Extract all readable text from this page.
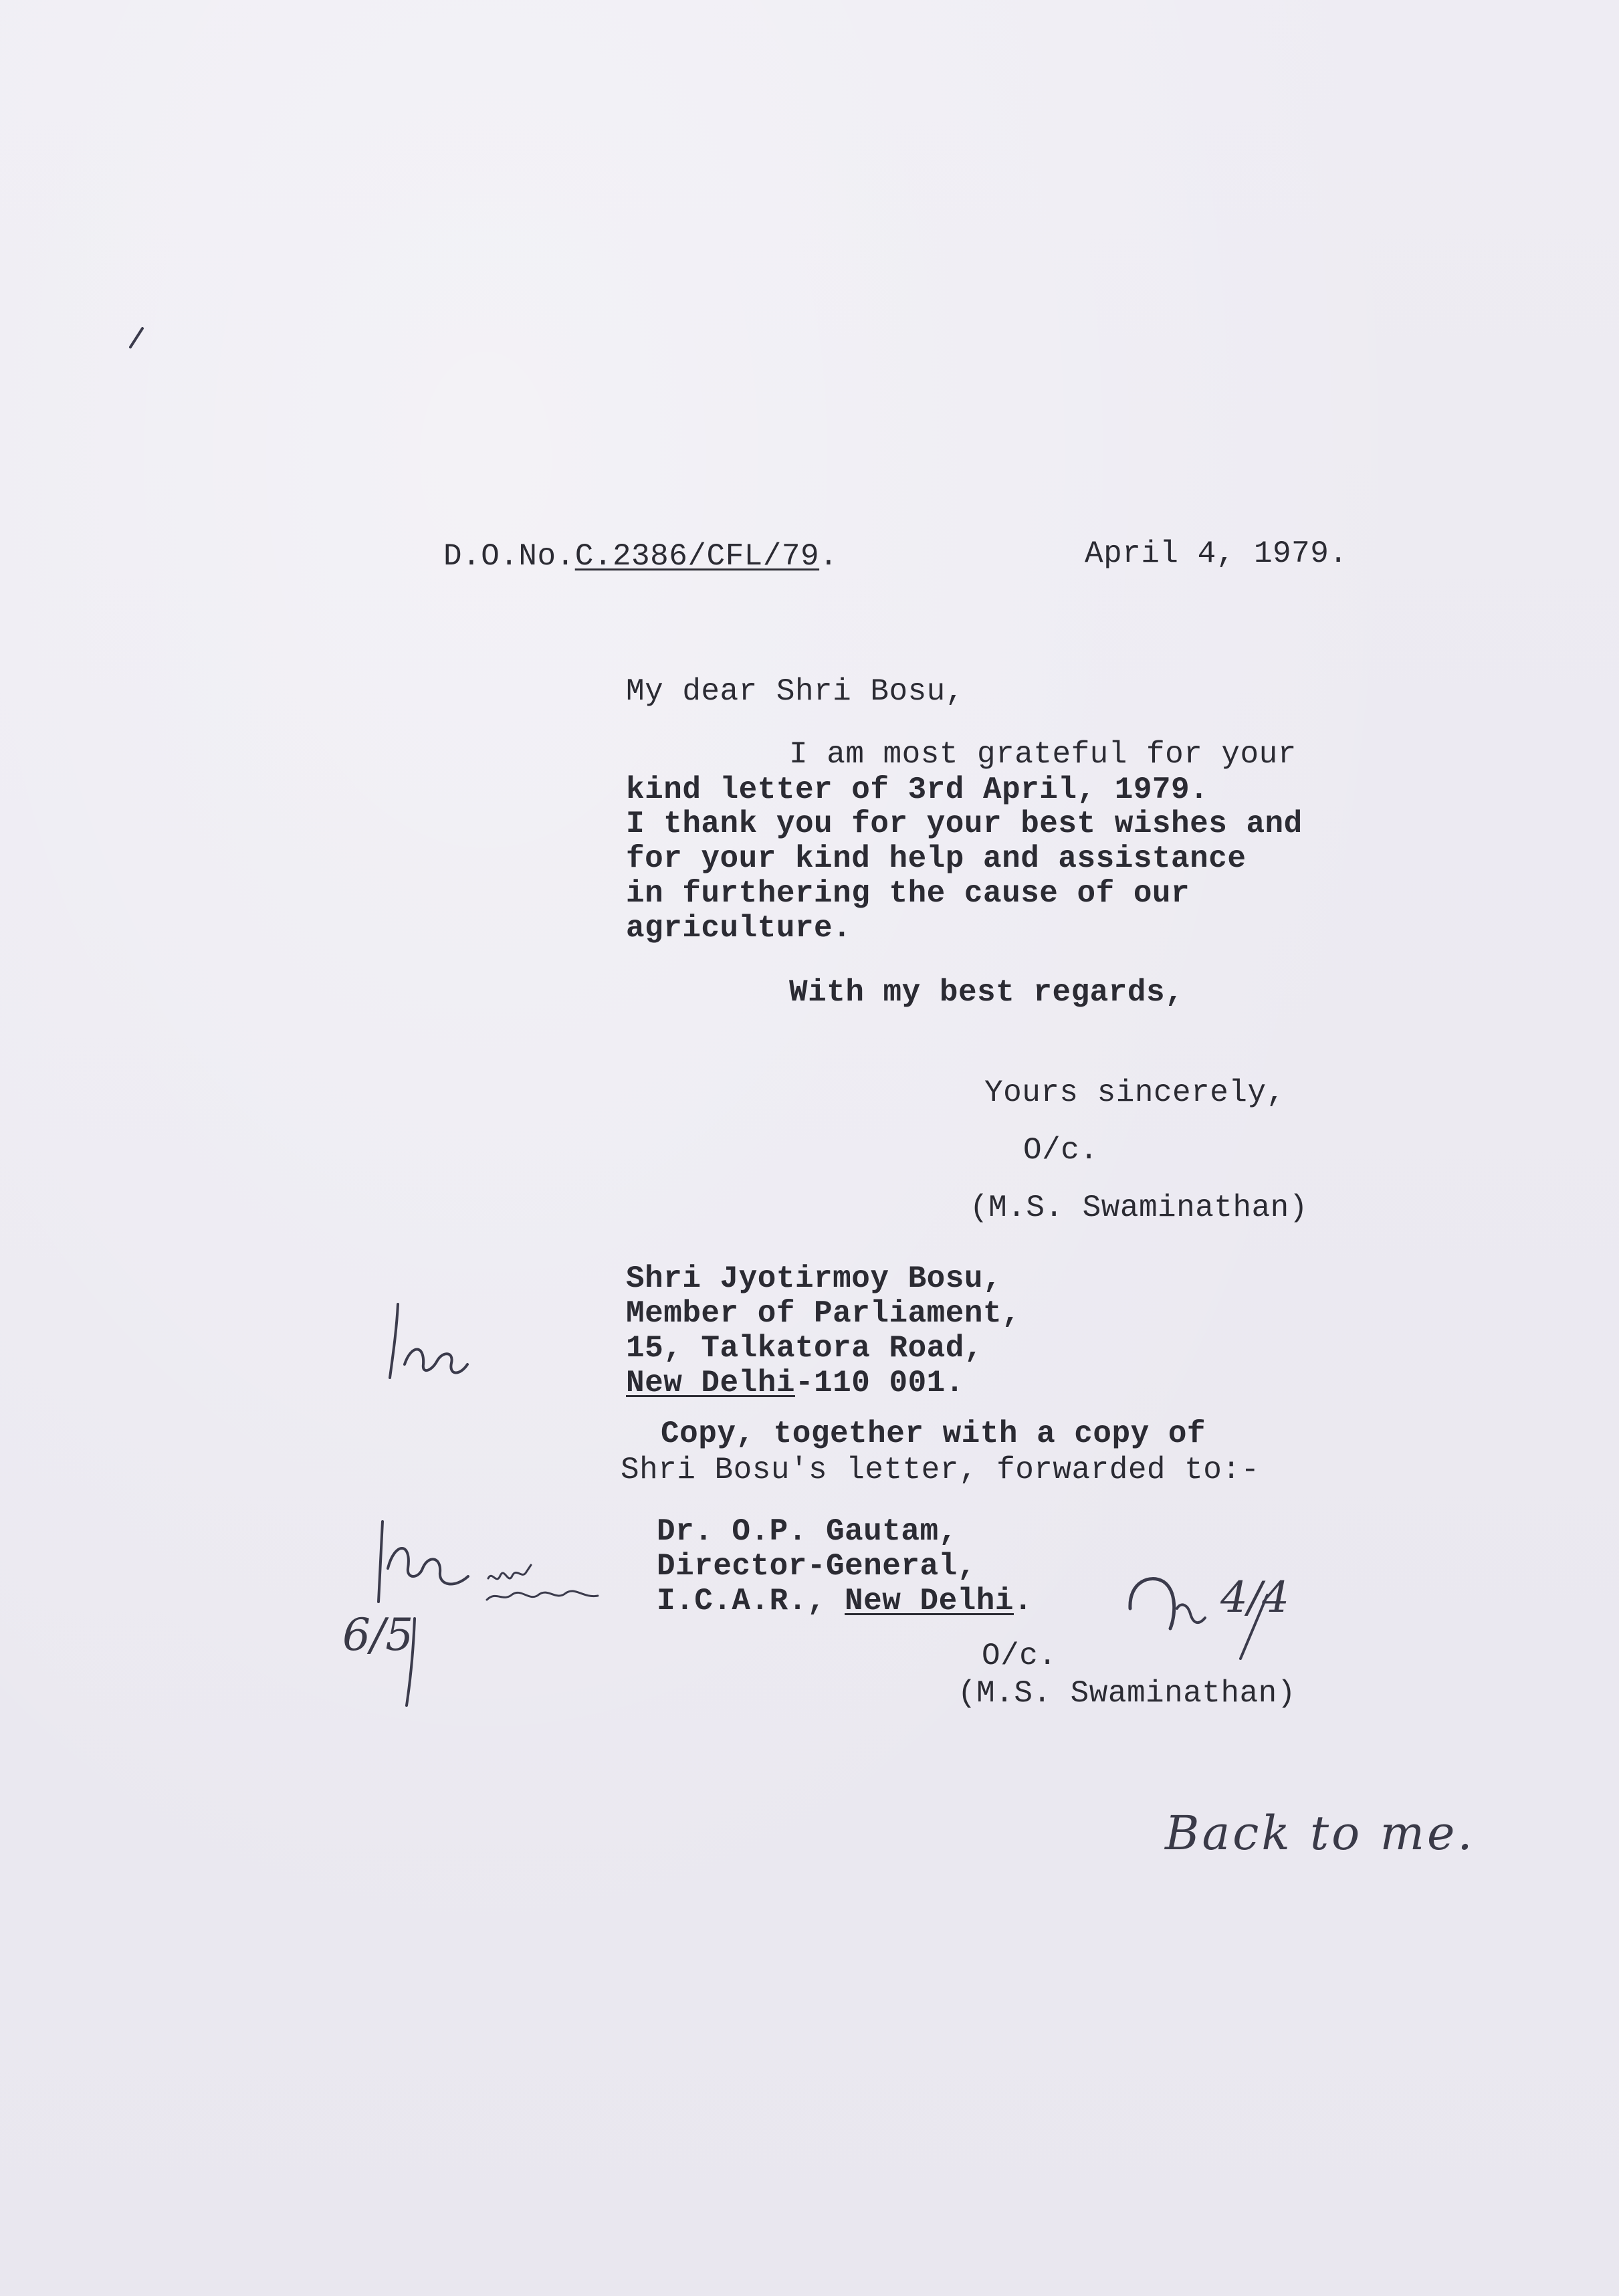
D.O.No.C.2386/CFL/79.	April 4, 1979.
My dear Shri Bosu,
I am most grateful for your
kind letter of 3rd April, 1979.
I thank you for your best wishes and
for your kind help and assistance
in furthering the cause of our
agriculture.
With my best regards,
Yours sincerely,
O/c.
(M.S. Swaminathan)
Shri Jyotirmoy Bosu,
Member of Parliament,
15, Talkatora Road,
New Delhi-110 001.
Copy, together with a copy of
Shri Bosu's letter, forwarded to:-
Dr. O.P. Gautam,
Director-General,
I.C.A.R., New Delhi.
O/c.
(M.S. Swaminathan)
4/4
6/5
Back to me.
